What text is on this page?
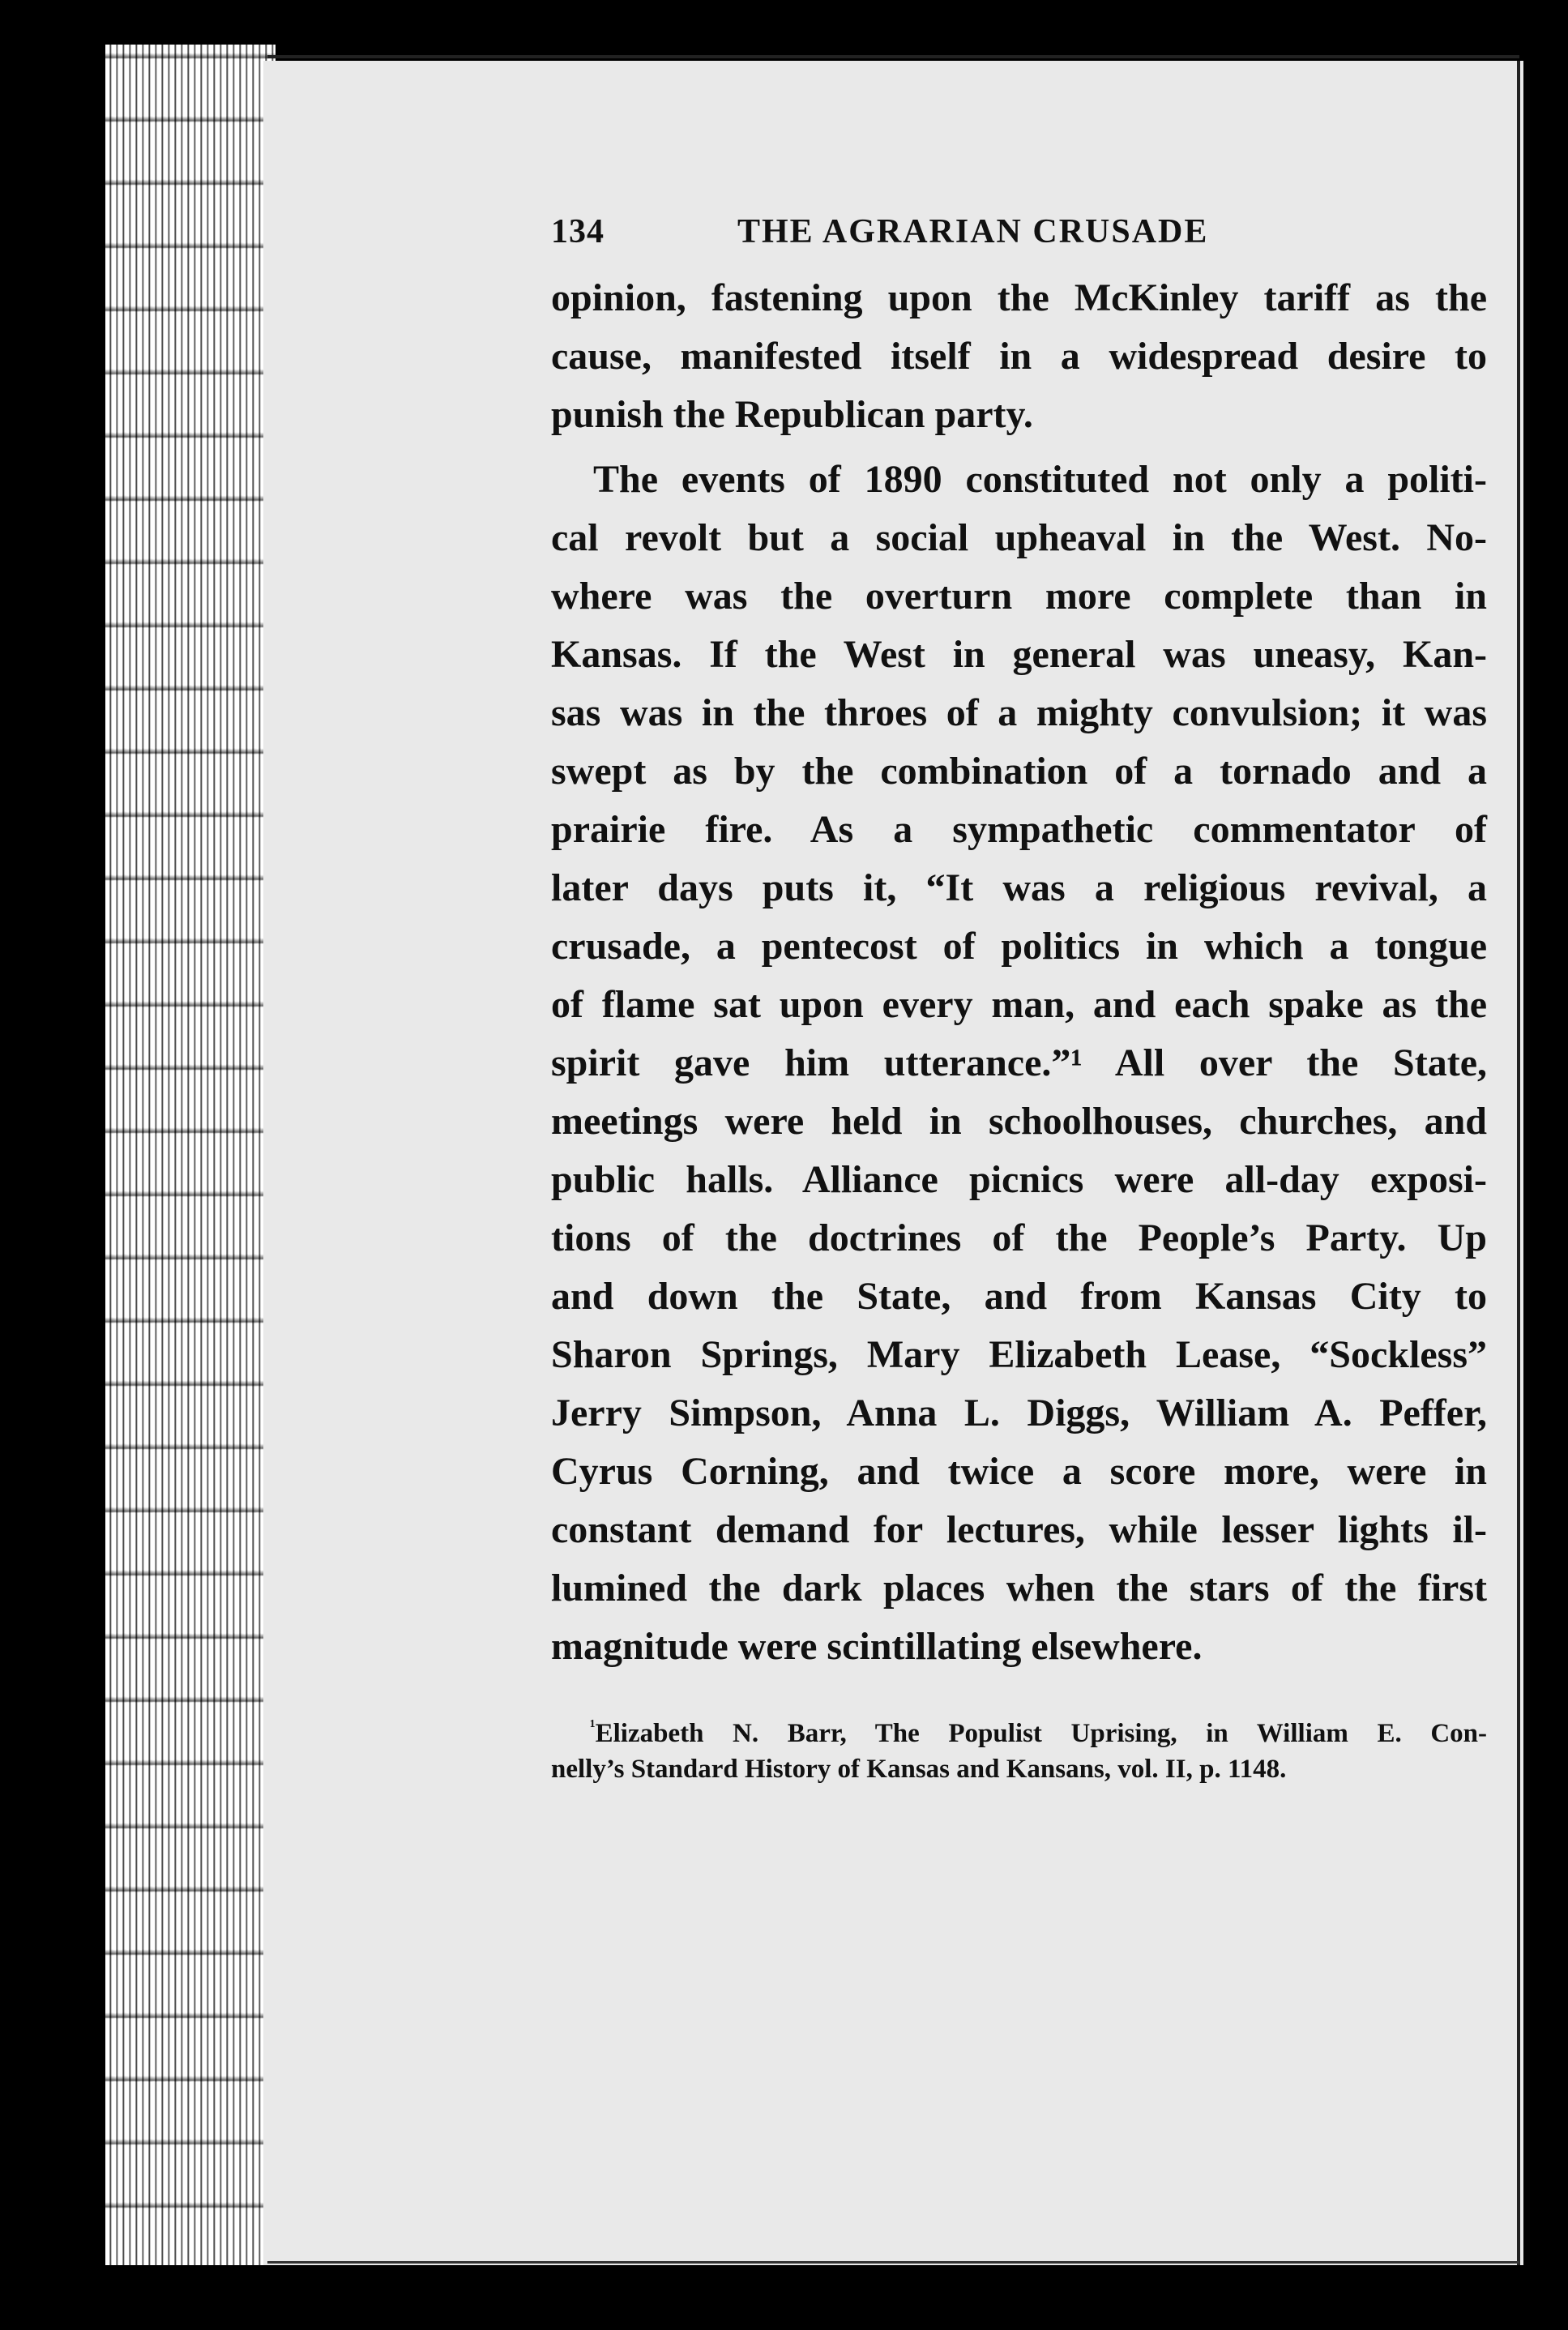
134	THE AGRARIAN CRUSADE
opinion, fastening upon the McKinley tariff as the
cause, manifested itself in a widespread desire to
punish the Republican party.
The events of 1890 constituted not only a politi-
cal revolt but a social upheaval in the West. No-
where was the overturn more complete than in
Kansas. If the West in general was uneasy, Kan-
sas was in the throes of a mighty convulsion; it was
swept as by the combination of a tornado and a
prairie fire. As a sympathetic commentator of
later days puts it, “It was a religious revival, a
crusade, a pentecost of politics in which a tongue
of flame sat upon every man, and each spake as the
spirit gave him utterance.”¹ All over the State,
meetings were held in schoolhouses, churches, and
public halls. Alliance picnics were all-day exposi-
tions of the doctrines of the People’s Party. Up
and down the State, and from Kansas City to
Sharon Springs, Mary Elizabeth Lease, “Sockless”
Jerry Simpson, Anna L. Diggs, William A. Peffer,
Cyrus Corning, and twice a score more, were in
constant demand for lectures, while lesser lights il-
lumined the dark places when the stars of the first
magnitude were scintillating elsewhere.
$^{^1}$Elizabeth N. Barr, The Populist Uprising, in William E. Con-
nelly’s Standard History of Kansas and Kansans, vol. II, p. 1148.
